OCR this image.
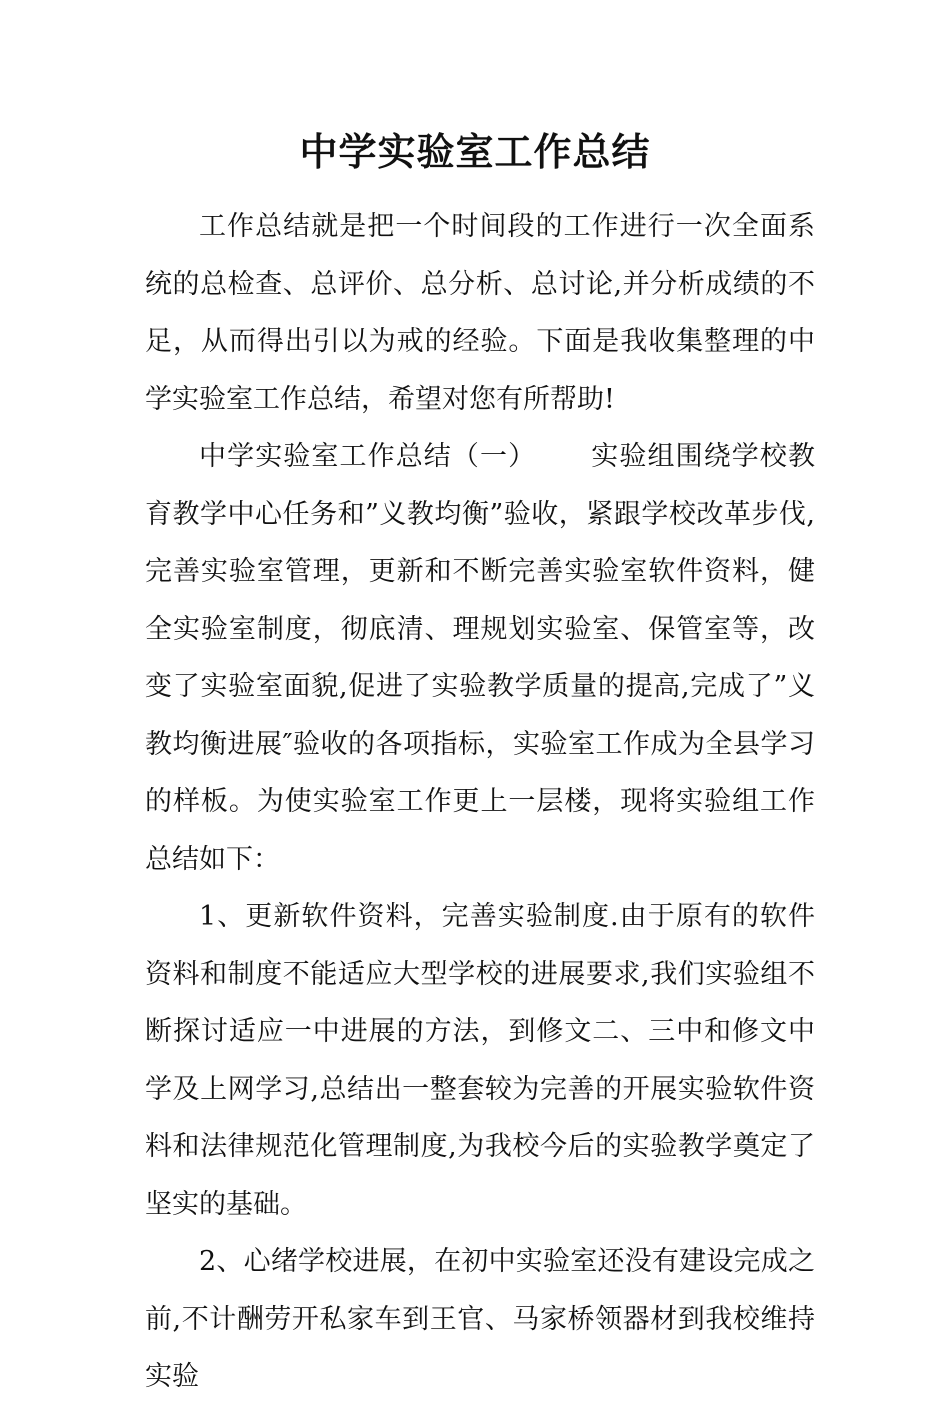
中学实验室工作总结

工作总结就是把一个时间段的工作进行一次全面系统的总检查、总评价、总分析、总讨论,并分析成绩的不足，从而得出引以为戒的经验。下面是我收集整理的中学实验室工作总结，希望对您有所帮助!

中学实验室工作总结（一） 实验组围绕学校教育教学中心任务和”义教均衡”验收，紧跟学校改革步伐,完善实验室管理，更新和不断完善实验室软件资料，健全实验室制度，彻底清、理规划实验室、保管室等，改变了实验室面貌,促进了实验教学质量的提高,完成了”义教均衡进展″验收的各项指标，实验室工作成为全县学习的样板。为使实验室工作更上一层楼，现将实验组工作总结如下：

1、更新软件资料，完善实验制度.由于原有的软件资料和制度不能适应大型学校的进展要求,我们实验组不断探讨适应一中进展的方法，到修文二、三中和修文中学及上网学习,总结出一整套较为完善的开展实验软件资料和法律规范化管理制度,为我校今后的实验教学奠定了坚实的基础。

2、心绪学校进展，在初中实验室还没有建设完成之前,不计酬劳开私家车到王官、马家桥领器材到我校维持实验
